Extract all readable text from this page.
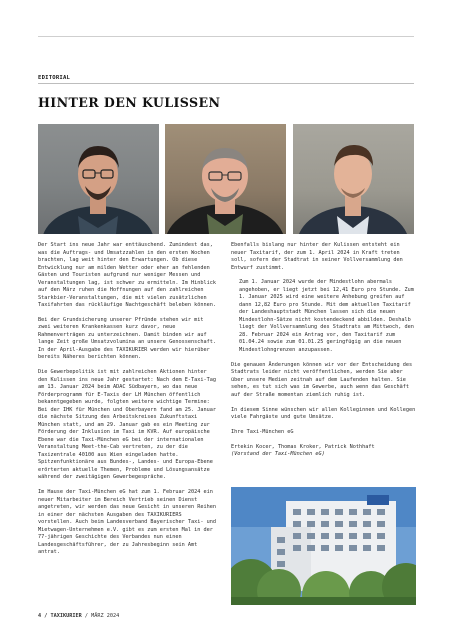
EDITORIAL
HINTER DEN KULISSEN

Der Start ins neue Jahr war enttäuschend. Zumindest das, was die Auftrags- und Umsatzzahlen in den ersten Wochen brachten, lag weit hinter den Erwartungen. Ob diese Entwicklung nur am milden Wetter oder eher an fehlenden Gästen und Touristen aufgrund nur weniger Messen und Veranstaltungen lag, ist schwer zu ermitteln. Im Hinblick auf den März ruhen die Hoffnungen auf den zahlreichen Starkbier-Veranstaltungen, die mit vielen zusätzlichen Taxifahrten das rückläufige Nachtgeschäft beleben können.

Bei der Grundsicherung unserer Pfründe stehen wir mit zwei weiteren Krankenkassen kurz davor, neue Rahmenverträgen zu unterzeichnen. Damit binden wir auf lange Zeit große Umsatzvolumina an unsere Genossenschaft. In der April-Ausgabe des TAXIKURIER werden wir hierüber bereits Näheres berichten können.

Die Gewerbepolitik ist mit zahlreichen Aktionen hinter den Kulissen ins neue Jahr gestartet: Nach dem E-Taxi-Tag am 13. Januar 2024 beim ADAC Südbayern, wo das neue Förderprogramm für E-Taxis der LH München öffentlich bekanntgegeben wurde, folgten weitere wichtige Termine: Bei der IHK für München und Oberbayern fand am 25. Januar die nächste Sitzung des Arbeitskreises Zukunftstaxi München statt, und am 29. Januar gab es ein Meeting zur Förderung der Inklusion im Taxi im KVR. Auf europäische Ebene war die Taxi-München eG bei der internationalen Veranstaltung Meet-the-Cab vertreten, zu der die Taxizentrale 40100 aus Wien eingeladen hatte. Spitzenfunktionäre aus Bundes-, Landes- und Europa-Ebene erörterten aktuelle Themen, Probleme und Lösungsansätze während der zweitägigen Gewerbegespräche.

Im Hause der Taxi-München eG hat zum 1. Februar 2024 ein neuer Mitarbeiter im Bereich Vertrieb seinen Dienst angetreten, wir werden das neue Gesicht in unseren Reihen in einer der nächsten Ausgaben des TAXIKURIERS vorstellen. Auch beim Landesverband Bayerischer Taxi- und Mietwagen-Unternehmen e.V. gibt es zum ersten Mal in der 77-jährigen Geschichte des Verbandes nun einen Landesgeschäftsführer, der zu Jahresbeginn sein Amt antrat.

Ebenfalls bislang nur hinter der Kulissen entsteht ein neuer Taxitarif, der zum 1. April 2024 in Kraft treten soll, sofern der Stadtrat in seiner Vollversammlung den Entwurf zustimmt.

Zum 1. Januar 2024 wurde der Mindestlohn abermals angehoben, er liegt jetzt bei 12,41 Euro pro Stunde. Zum 1. Januar 2025 wird eine weitere Anhebung greifen auf dann 12,82 Euro pro Stunde. Mit dem aktuellen Taxitarif der Landeshauptstadt München lassen sich die neuen Mindestlohn-Sätze nicht kostendeckend abbilden. Deshalb liegt der Vollversammlung des Stadtrats am Mittwoch, den 28. Februar 2024 ein Antrag vor, den Taxitarif zum 01.04.24 sowie zum 01.01.25 geringfügig an die neuen Mindestlohngrenzen anzupassen.

Die genauen Änderungen können wir vor der Entscheidung des Stadtrats leider nicht veröffentlichen, werden Sie aber über unsere Medien zeitnah auf dem Laufenden halten. Sie sehen, es tut sich was im Gewerbe, auch wenn das Geschäft auf der Straße momentan ziemlich ruhig ist.

In diesem Sinne wünschen wir allen Kolleginnen und Kollegen viele Fahrgäste und gute Umsätze.

Ihre Taxi-München eG

Ertekin Kocer, Thomas Kroker, Patrick Nothhaft
(Vorstand der Taxi-München eG)

4 / TAXIKURIER / MÄRZ 2024
